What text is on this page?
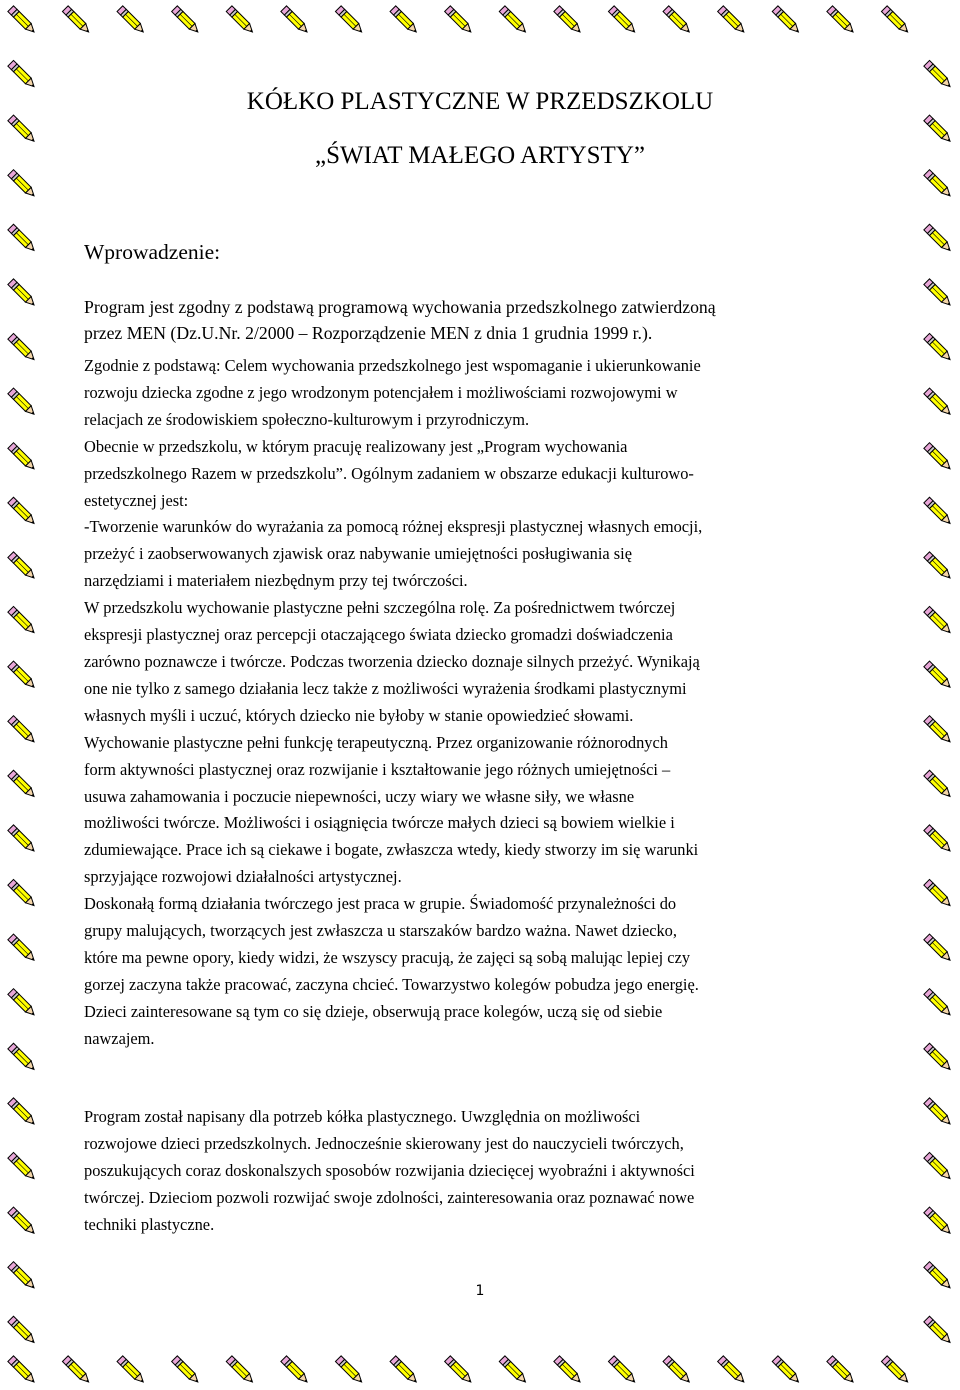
KÓŁKO PLASTYCZNE W PRZEDSZKOLU
„ŚWIAT MAŁEGO ARTYSTY”
Wprowadzenie:
Program jest zgodny z podstawą programową wychowania przedszkolnego zatwierdzoną
przez MEN (Dz.U.Nr. 2/2000 – Rozporządzenie MEN z dnia 1 grudnia 1999 r.).
Zgodnie z podstawą: Celem wychowania przedszkolnego jest wspomaganie i ukierunkowanie
rozwoju dziecka zgodne z jego wrodzonym potencjałem i możliwościami rozwojowymi w
relacjach ze środowiskiem społeczno-kulturowym i przyrodniczym.
Obecnie w przedszkolu, w którym pracuję realizowany jest „Program wychowania
przedszkolnego Razem w przedszkolu”. Ogólnym zadaniem w obszarze edukacji kulturowo-
estetycznej jest:
-Tworzenie warunków do wyrażania za pomocą różnej ekspresji plastycznej własnych emocji,
przeżyć i zaobserwowanych zjawisk oraz nabywanie umiejętności posługiwania się
narzędziami i materiałem niezbędnym przy tej twórczości.
W przedszkolu wychowanie plastyczne pełni szczególna rolę. Za pośrednictwem twórczej
ekspresji plastycznej oraz percepcji otaczającego świata dziecko gromadzi doświadczenia
zarówno poznawcze i twórcze. Podczas tworzenia dziecko doznaje silnych przeżyć. Wynikają
one nie tylko z samego działania lecz także z możliwości wyrażenia środkami plastycznymi
własnych myśli i uczuć, których dziecko nie byłoby w stanie opowiedzieć słowami.
Wychowanie plastyczne pełni funkcję terapeutyczną. Przez organizowanie różnorodnych
form aktywności plastycznej oraz rozwijanie i kształtowanie jego różnych umiejętności –
usuwa zahamowania i poczucie niepewności, uczy wiary we własne siły, we własne
możliwości twórcze. Możliwości i osiągnięcia twórcze małych dzieci są bowiem wielkie i
zdumiewające. Prace ich są ciekawe i bogate, zwłaszcza wtedy, kiedy stworzy im się warunki
sprzyjające rozwojowi działalności artystycznej.
Doskonałą formą działania twórczego jest praca w grupie. Świadomość przynależności do
grupy malujących, tworzących jest zwłaszcza u starszaków bardzo ważna. Nawet dziecko,
które ma pewne opory, kiedy widzi, że wszyscy pracują, że zajęci są sobą malując lepiej czy
gorzej zaczyna także pracować, zaczyna chcieć. Towarzystwo kolegów pobudza jego energię.
Dzieci zainteresowane są tym co się dzieje, obserwują prace kolegów, uczą się od siebie
nawzajem.
Program został napisany dla potrzeb kółka plastycznego. Uwzględnia on możliwości
rozwojowe dzieci przedszkolnych. Jednocześnie skierowany jest do nauczycieli twórczych,
poszukujących coraz doskonalszych sposobów rozwijania dziecięcej wyobraźni i aktywności
twórczej. Dzieciom pozwoli rozwijać swoje zdolności, zainteresowania oraz poznawać nowe
techniki plastyczne.
1
